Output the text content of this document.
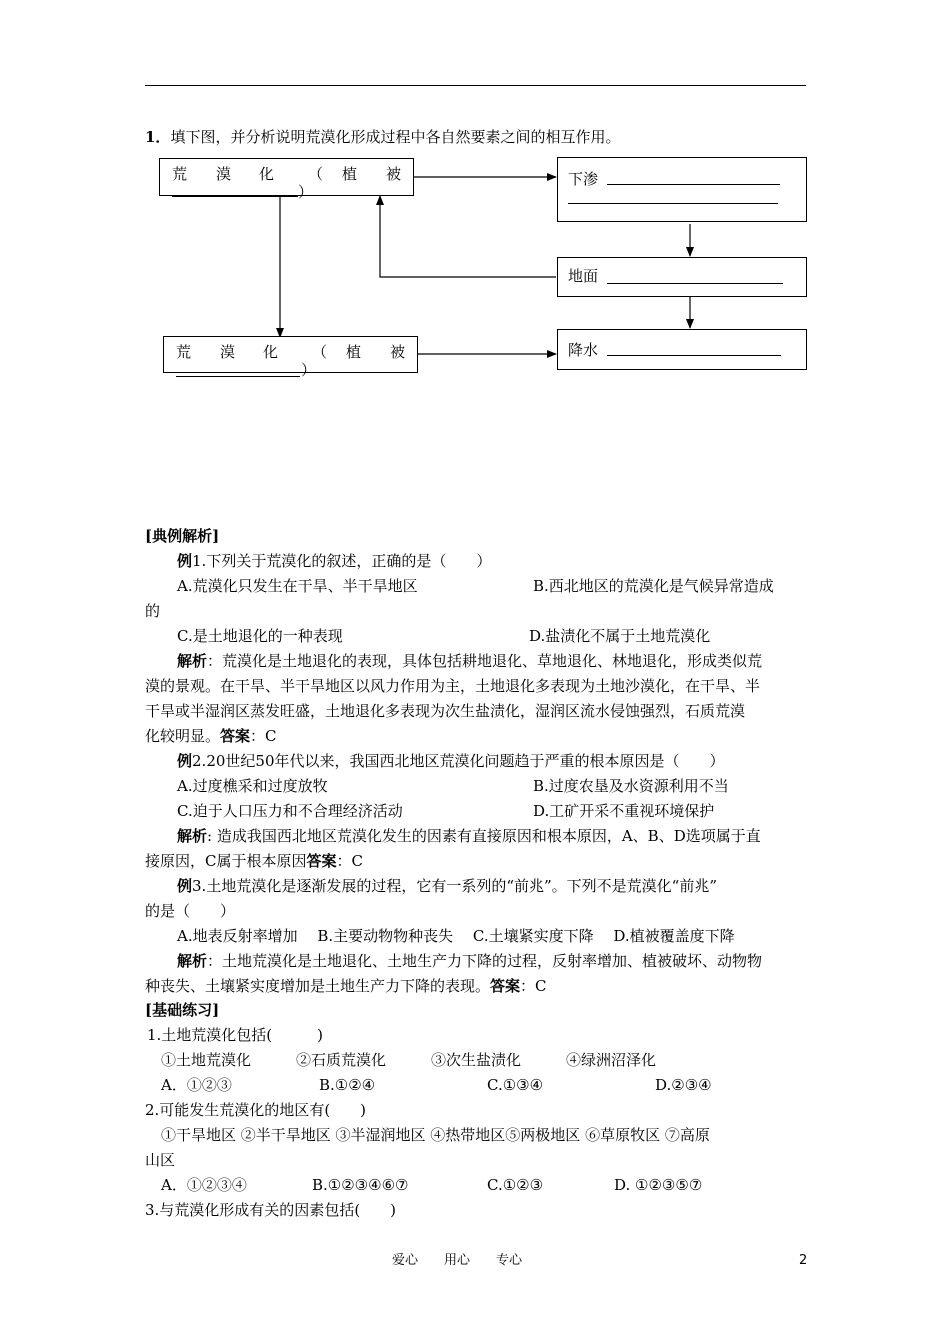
1．填下图，并分析说明荒漠化形成过程中各自然要素之间的相互作用。
荒 漠 化 （ 植 被
）
荒 漠 化 （ 植 被
）
下渗
地面
降水
[典例解析]
例1.下列关于荒漠化的叙述，正确的是（　　）
A.荒漠化只发生在干旱、半干旱地区	B.西北地区的荒漠化是气候异常造成
的
C.是土地退化的一种表现	D.盐渍化不属于土地荒漠化
解析：荒漠化是土地退化的表现，具体包括耕地退化、草地退化、林地退化，形成类似荒
漠的景观。在干旱、半干旱地区以风力作用为主，土地退化多表现为土地沙漠化，在干旱、半
干旱或半湿润区蒸发旺盛，土地退化多表现为次生盐渍化，湿润区流水侵蚀强烈，石质荒漠
化较明显。答案：C
例2.20世纪50年代以来，我国西北地区荒漠化问题趋于严重的根本原因是（　　）
A.过度樵采和过度放牧	B.过度农垦及水资源利用不当
C.迫于人口压力和不合理经济活动	D.工矿开采不重视环境保护
解析: 造成我国西北地区荒漠化发生的因素有直接原因和根本原因，A、B、D选项属于直
接原因，C属于根本原因答案：C
例3.土地荒漠化是逐渐发展的过程，它有一系列的“前兆”。下列不是荒漠化“前兆”
的是（　　）
A.地表反射率增加　 B.主要动物物种丧失　 C.土壤紧实度下降　 D.植被覆盖度下降
解析：土地荒漠化是土地退化、土地生产力下降的过程，反射率增加、植被破坏、动物物
种丧失、土壤紧实度增加是土地生产力下降的表现。答案：C
[基础练习]
1.土地荒漠化包括(　　　)
①土地荒漠化　　　②石质荒漠化　　　③次生盐渍化　　　④绿洲沼泽化
A．①②③	B.①②④	C.①③④	D.②③④
2.可能发生荒漠化的地区有(　　)
①干旱地区 ②半干旱地区 ③半湿润地区 ④热带地区⑤两极地区 ⑥草原牧区 ⑦高原
山区
A．①②③④	B.①②③④⑥⑦	C.①②③	D. ①②③⑤⑦
3.与荒漠化形成有关的因素包括(　　)
爱心　　用心　　专心	2
